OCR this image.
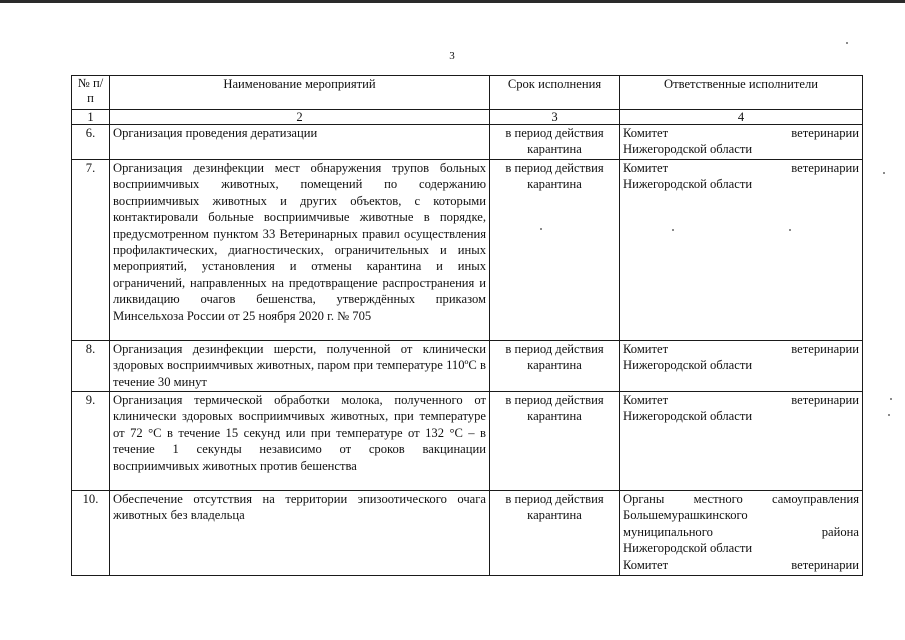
3
№ п/п	Наименование мероприятий	Срок исполнения	Ответственные исполнители
1	2	3	4
6.	Организация проведения дератизации	в период действия карантина	Комитет ветеринарии
Нижегородской области

7.	Организация дезинфекции мест обнаружения трупов больных восприимчивых животных, помещений по содержанию восприимчивых животных и других объектов, с которыми контактировали больные восприимчивые животные в порядке, предусмотренном пунктом 33 Ветеринарных правил осуществления профилактических, диагностических, ограничительных и иных мероприятий, установления и отмены карантина и иных ограничений, направленных на предотвращение распространения и ликвидацию очагов бешенства, утверждённых приказом Минсельхоза России от 25 ноября 2020 г. № 705	в период действия карантина	Комитет ветеринарии
Нижегородской области

8.	Организация дезинфекции шерсти, полученной от клинически здоровых восприимчивых животных, паром при температуре 110ºС в течение 30 минут	в период действия карантина	Комитет ветеринарии
Нижегородской области

9.	Организация термической обработки молока, полученного от клинически здоровых восприимчивых животных, при температуре от 72 °С в течение 15 секунд или при температуре от 132 °С – в течение 1 секунды независимо от сроков вакцинации восприимчивых животных против бешенства	в период действия карантина	Комитет ветеринарии
Нижегородской области

10.	Обеспечение отсутствия на территории эпизоотического очага животных без владельца	в период действия карантина	Органы местного самоуправления
Большемурашкинского
муниципального района
Нижегородской области
Комитет ветеринарии
